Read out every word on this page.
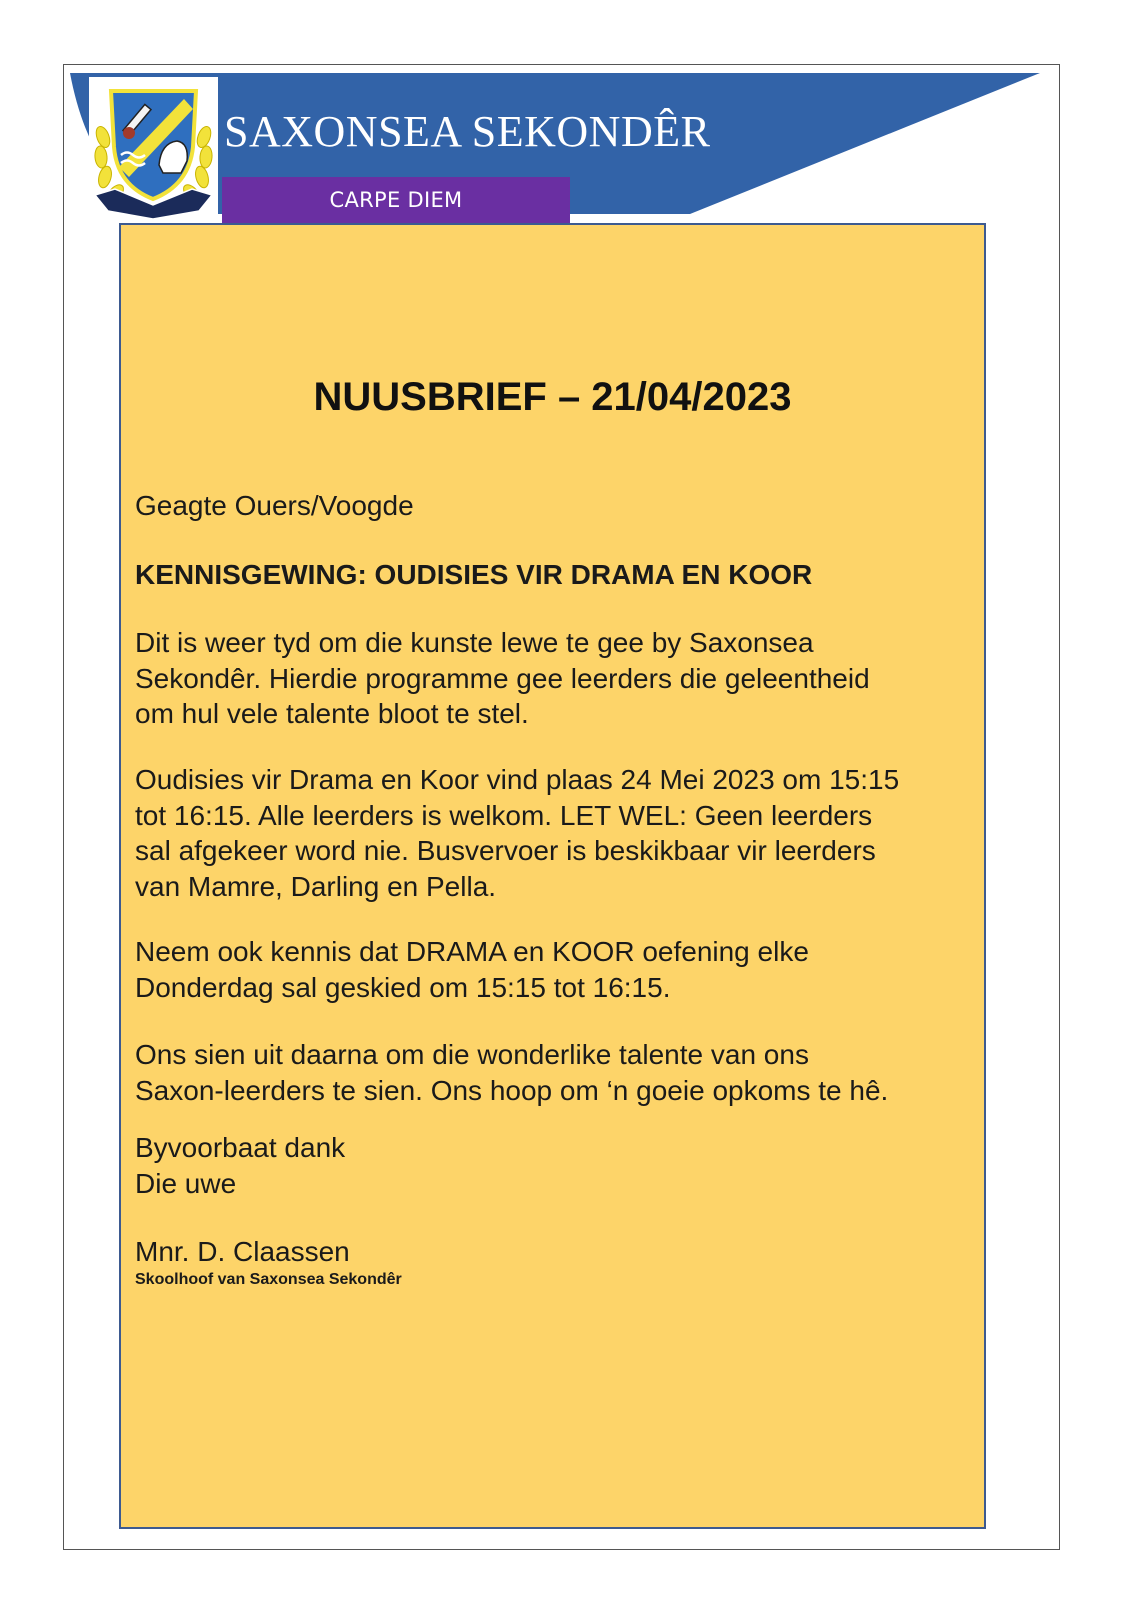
SAXONSEA SEKONDÊR
CARPE DIEM
NUUSBRIEF – 21/04/2023

Geagte Ouers/Voogde

KENNISGEWING: OUDISIES VIR DRAMA EN KOOR

Dit is weer tyd om die kunste lewe te gee by Saxonsea
Sekondêr. Hierdie programme gee leerders die geleentheid
om hul vele talente bloot te stel.
Oudisies vir Drama en Koor vind plaas 24 Mei 2023 om 15:15
tot 16:15. Alle leerders is welkom. LET WEL: Geen leerders
sal afgekeer word nie. Busvervoer is beskikbaar vir leerders
van Mamre, Darling en Pella.
Neem ook kennis dat DRAMA en KOOR oefening elke
Donderdag sal geskied om 15:15 tot 16:15.
Ons sien uit daarna om die wonderlike talente van ons
Saxon-leerders te sien. Ons hoop om ‘n goeie opkoms te hê.
Byvoorbaat dank
Die uwe

Mnr. D. Claassen

Skoolhoof van Saxonsea Sekondêr
